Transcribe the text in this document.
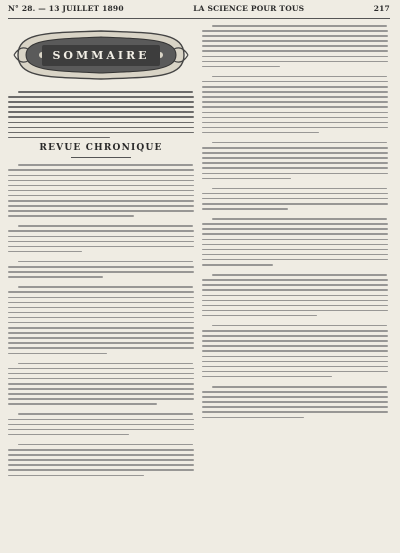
N° 28. — 13 JUILLET 1890	LA SCIENCE POUR TOUS	217
SOMMAIRE
REVUE CHRONIQUE
